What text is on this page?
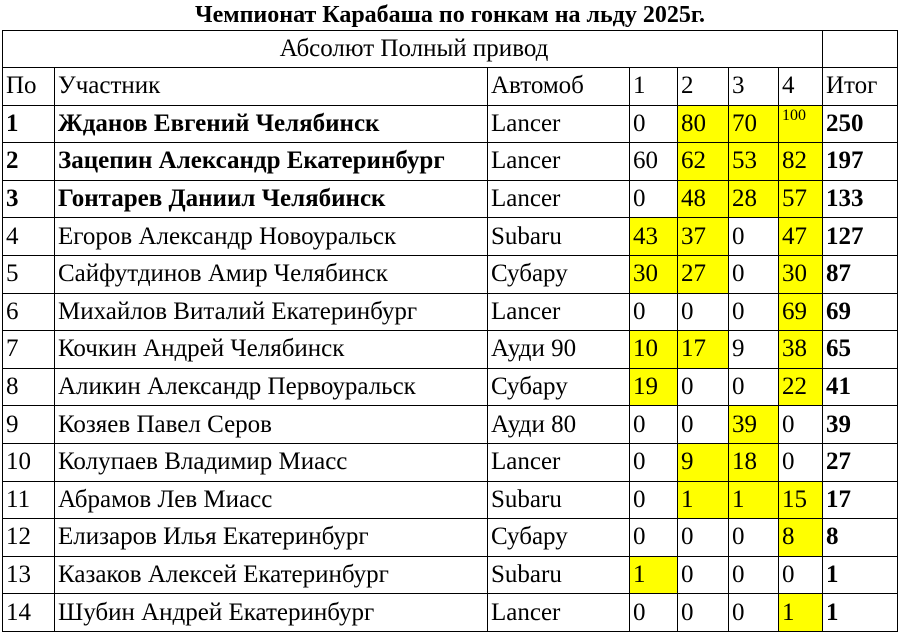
Чемпионат Карабаша по гонкам на льду 2025г.
Абсолют Полный привод							
По	Участник	Автомоб	1	2	3	4	Итог
1	Жданов Евгений Челябинск	Lancer	0	80	70	100	250
2	Зацепин Александр Екатеринбург	Lancer	60	62	53	82	197
3	Гонтарев Даниил Челябинск	Lancer	0	48	28	57	133
4	Егоров Александр Новоуральск	Subaru	43	37	0	47	127
5	Сайфутдинов Амир Челябинск	Субару	30	27	0	30	87
6	Михайлов Виталий Екатеринбург	Lancer	0	0	0	69	69
7	Кочкин Андрей Челябинск	Ауди 90	10	17	9	38	65
8	Аликин Александр Первоуральск	Субару	19	0	0	22	41
9	Козяев Павел Серов	Ауди 80	0	0	39	0	39
10	Колупаев Владимир Миасс	Lancer	0	9	18	0	27
11	Абрамов Лев Миасс	Subaru	0	1	1	15	17
12	Елизаров Илья Екатеринбург	Субару	0	0	0	8	8
13	Казаков Алексей Екатеринбург	Subaru	1	0	0	0	1
14	Шубин Андрей Екатеринбург	Lancer	0	0	0	1	1
